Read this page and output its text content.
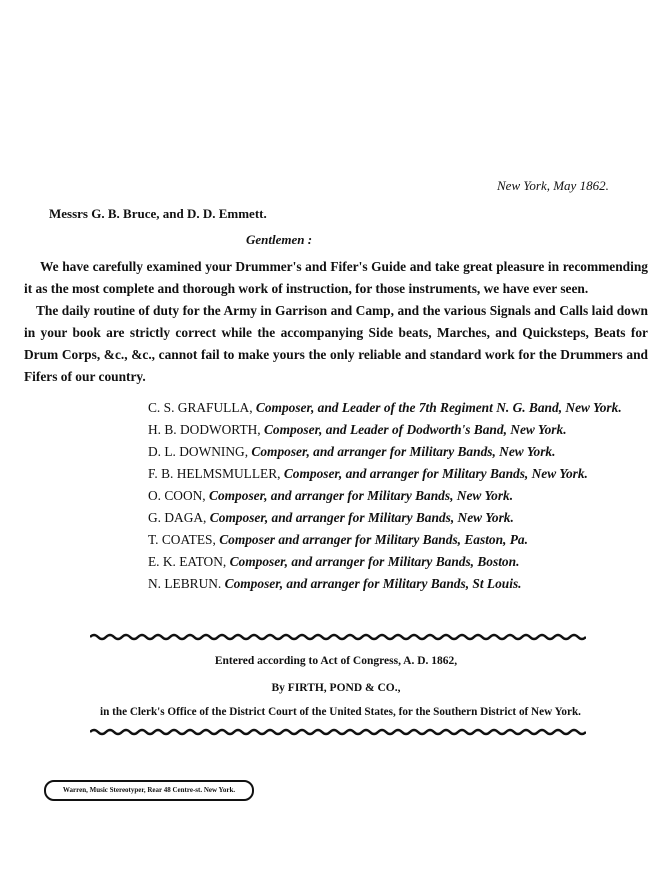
New York, May 1862.
Messrs G. B. Bruce, and D. D. Emmett.
Gentlemen :

We have carefully examined your Drummer's and Fifer's Guide and take great pleasure in recommending it as the most complete and thorough work of instruction, for those instruments, we have ever seen.

The daily routine of duty for the Army in Garrison and Camp, and the various Signals and Calls laid down in your book are strictly correct while the accompanying Side beats, Marches, and Quicksteps, Beats for Drum Corps, &c., &c., cannot fail to make yours the only reliable and standard work for the Drummers and Fifers of our country.

C. S. GRAFULLA, Composer, and Leader of the 7th Regiment N. G. Band, New York.
H. B. DODWORTH, Composer, and Leader of Dodworth's Band, New York.
D. L. DOWNING, Composer, and arranger for Military Bands, New York.
F. B. HELMSMULLER, Composer, and arranger for Military Bands, New York.
O. COON, Composer, and arranger for Military Bands, New York.
G. DAGA, Composer, and arranger for Military Bands, New York.
T. COATES, Composer and arranger for Military Bands, Easton, Pa.
E. K. EATON, Composer, and arranger for Military Bands, Boston.
N. LEBRUN. Composer, and arranger for Military Bands, St Louis.
Entered according to Act of Congress, A. D. 1862,
By FIRTH, POND & CO.,
in the Clerk's Office of the District Court of the United States, for the Southern District of New York.
Warren, Music Stereotyper, Rear 48 Centre-st. New York.
